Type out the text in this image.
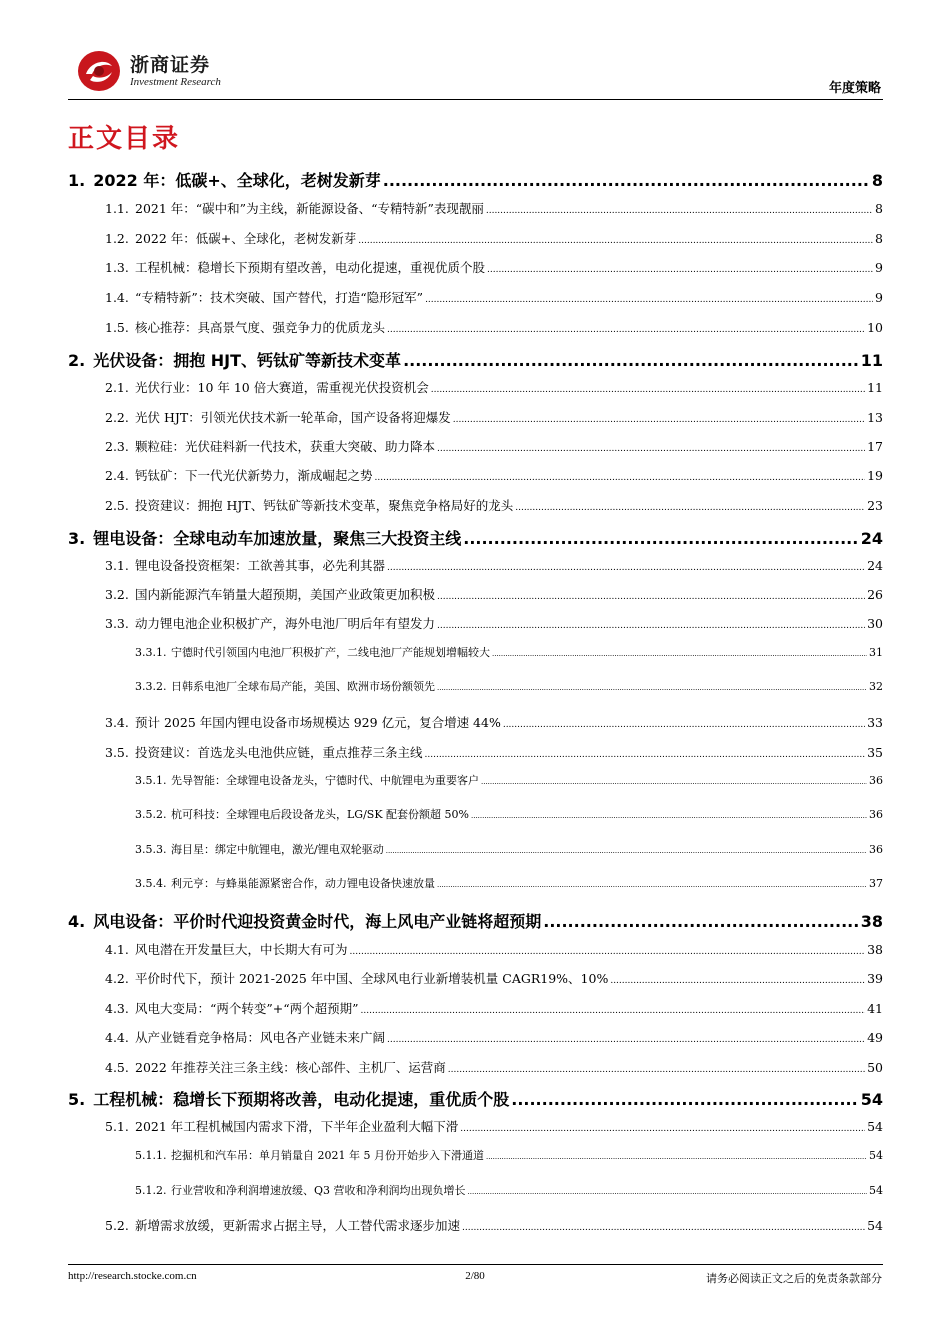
浙商证券
Investment Research	年度策略
正文目录
1. 2022 年：低碳+、全球化，老树发新芽 .....	8
1.1. 2021 年：“碳中和”为主线，新能源设备、“专精特新”表现靓丽 .....	8
1.2. 2022 年：低碳+、全球化，老树发新芽 .....	8
1.3. 工程机械：稳增长下预期有望改善，电动化提速，重视优质个股 .....	9
1.4. “专精特新”：技术突破、国产替代，打造“隐形冠军” .....	9
1.5. 核心推荐：具高景气度、强竞争力的优质龙头 .....	10
2. 光伏设备：拥抱 HJT、钙钛矿等新技术变革 .....	11
2.1. 光伏行业：10 年 10 倍大赛道，需重视光伏投资机会 .....	11
2.2. 光伏 HJT：引领光伏技术新一轮革命，国产设备将迎爆发 .....	13
2.3. 颗粒硅：光伏硅料新一代技术，获重大突破、助力降本 .....	17
2.4. 钙钛矿：下一代光伏新势力，渐成崛起之势 .....	19
2.5. 投资建议：拥抱 HJT、钙钛矿等新技术变革，聚焦竞争格局好的龙头 .....	23
3. 锂电设备：全球电动车加速放量，聚焦三大投资主线 .....	24
3.1. 锂电设备投资框架：工欲善其事，必先利其器 .....	24
3.2. 国内新能源汽车销量大超预期，美国产业政策更加积极 .....	26
3.3. 动力锂电池企业积极扩产，海外电池厂明后年有望发力 .....	30
3.3.1. 宁德时代引领国内电池厂积极扩产，二线电池厂产能规划增幅较大 .....	31
3.3.2. 日韩系电池厂全球布局产能，美国、欧洲市场份额领先 .....	32
3.4. 预计 2025 年国内锂电设备市场规模达 929 亿元，复合增速 44% .....	33
3.5. 投资建议：首选龙头电池供应链，重点推荐三条主线 .....	35
3.5.1. 先导智能：全球锂电设备龙头，宁德时代、中航锂电为重要客户 .....	36
3.5.2. 杭可科技：全球锂电后段设备龙头，LG/SK 配套份额超 50% .....	36
3.5.3. 海目星：绑定中航锂电，激光/锂电双轮驱动 .....	36
3.5.4. 利元亨：与蜂巢能源紧密合作，动力锂电设备快速放量 .....	37
4. 风电设备：平价时代迎投资黄金时代，海上风电产业链将超预期 .....	38
4.1. 风电潜在开发量巨大，中长期大有可为 .....	38
4.2. 平价时代下，预计 2021-2025 年中国、全球风电行业新增装机量 CAGR19%、10% .....	39
4.3. 风电大变局：“两个转变”+“两个超预期” .....	41
4.4. 从产业链看竞争格局：风电各产业链未来广阔 .....	49
4.5. 2022 年推荐关注三条主线：核心部件、主机厂、运营商 .....	50
5. 工程机械：稳增长下预期将改善，电动化提速，重优质个股 .....	54
5.1. 2021 年工程机械国内需求下滑，下半年企业盈利大幅下滑 .....	54
5.1.1. 挖掘机和汽车吊：单月销量自 2021 年 5 月份开始步入下滑通道 .....	54
5.1.2. 行业营收和净利润增速放缓、Q3 营收和净利润均出现负增长 .....	54
5.2. 新增需求放缓，更新需求占据主导，人工替代需求逐步加速 .....	54
http://research.stocke.com.cn	2/80	请务必阅读正文之后的免责条款部分
